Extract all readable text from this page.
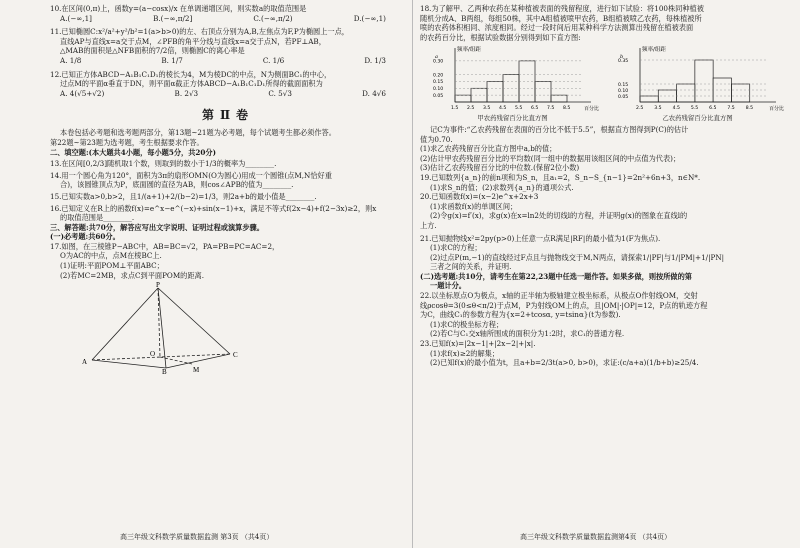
10.在区间(0,π)上，函数y=(a−cosx)/x 在单调递增区间，则实数a的取值范围是
A.(−∞,1]	B.(−∞,π/2]	C.(−∞,π/2)	D.(−∞,1)
11.已知椭圆C:x²/a²+y²/b²=1(a>b>0)的左、右顶点分别为A,B,左焦点为F,P为椭圆上一点，
直线AP与直线x=a交于点M，∠PFB的角平分线与直线x=a交于点N，若PF⊥AB，
△MAB的面积是△NFB面积的7/2倍，则椭圆C的离心率是
A. 1/8	B. 1/7	C. 1/6	D. 1/3
12.已知正方体ABCD−A₁B₁C₁D₁的棱长为4，M为棱DC的中点，N为侧面BC₁的中心，
过点M的平面α垂直于DN，则平面α截正方体ABCD−A₁B₁C₁D₁所得的截面面积为
A. 4(√5+√2)	B. 2√3	C. 5√3	D. 4√6
第Ⅱ卷
本卷包括必考题和选考题两部分，第13题~21题为必考题，每个试题考生都必须作答。
第22题~第23题为选考题，考生根据要求作答。
二、填空题:(本大题共4小题，每小题5分，共20分)
13.在区间[0,2/3]随机取1个数，则取到的数小于1/3的概率为________.
14.用一个圆心角为120°，面积为3π的扇形OMN(O为圆心)用成一个圆锥(点M,N恰好重
合)，该圆锥顶点为P，底面圆的直径为AB，则cos∠APB的值为________.
15.已知实数a>0,b>2，且1/(a+1)+2/(b−2)=1/3，则2a+b的最小值是________.
16.已知定义在R上的函数f(x)=e^x−e^(−x)+sin(x−1)+x，满足不等式f(2x−4)+f(2−3x)≥2，则x
的取值范围是________.
三、解答题:共70分，解答应写出文字说明、证明过程或演算步骤。
(一)必考题:共60分。
17.如图，在三棱锥P−ABC中，AB=BC=√2，PA=PB=PC=AC=2，
O为AC的中点，点M在棱BC上.
(1)证明:平面POM⊥平面ABC；
(2)若MC=2MB，求点C到平面POM的距离.
P
A
O	C
M
B
高三年级文科数学质量数据监测 第3页 （共4页）
18.为了解甲、乙两种农药在某种植被表面的残留程度，进行如下试验：将100株同种植被
随机分成A、B两组，每组50株，其中A组植被喷甲农药，B组植被喷乙农药，每株植被所
喷的农药体积相同、浓度相同。经过一段时间后用某种科学方法测算出残留在植被表面
的农药百分比，根据试验数据分别得到如下直方图:
频率/组距
百分比
1.5 2.5 3.5 4.5 5.5 6.5 7.5 8.5
0.30
0.20
0.15
0.10
0.05
a
甲农药残留百分比直方图
频率/组距
百分比
2.5 3.5 4.5 5.5 6.5 7.5 8.5
0.35
0.15
0.10
0.05
b
乙农药残留百分比直方图
记C为事件:“乙农药残留在表面的百分比不低于5.5”，根据直方图得到P(C)的估计
值为0.70.
(1)求乙农药残留百分比直方图中a,b的值；
(2)估计甲农药残留百分比的平均数(同一组中的数据用该组区间的中点值为代表)；
(3)估计乙农药残留百分比的中位数.(保留2位小数)
19.已知数列{a_n}的前n项和为S_n，且a₁=2，S_n−S_{n−1}=2n²+6n+3，n∈N*.
(1)求S_n的值；(2)求数列{a_n}的通项公式.
20.已知函数f(x)=(x−2)e^x+2x+3
(1)求函数f(x)的单调区间；
(2)令g(x)=f′(x)，求g(x)在x=ln2处的切线l的方程，并证明g(x)的图象在直线l的
上方.
21.已知抛物线x²=2py(p>0)上任意一点R满足|RF|的最小值为1(F为焦点).
(1)求C的方程；
(2)过点P(m,−1)的直线经过F点且与抛物线交于M,N两点，请探索1/|PF|与1/|PM|+1/|PN|
三者之间的关系，并证明.
(二)选考题:共10分，请考生在第22,23题中任选一题作答。如果多做，则按所做的第
一题计分。
22.以坐标原点O为极点，x轴的正半轴为极轴建立极坐标系，从极点O作射线OM，交射
线ρcosθ=3(0≤θ<π/2)于点M，P为射线OM上的点，且|OM|·|OP|=12，P点的轨迹方程
为C，曲线C₁的参数方程为{x=2+tcosα, y=tsinα}(t为参数).
(1)求C的极坐标方程；
(2)若C与C₁交x轴所围成的面积分为1:2时，求C₁的普通方程.
23.已知f(x)=|2x−1|+|2x−2|+|x|.
(1)求f(x)≥2的解集；
(2)已知f(x)的最小值为t，且a+b=2/3t(a>0, b>0)，求证:(c/a+a)(1/b+b)≥25/4.
高三年级文科数学质量数据监测第4页 （共4页）
